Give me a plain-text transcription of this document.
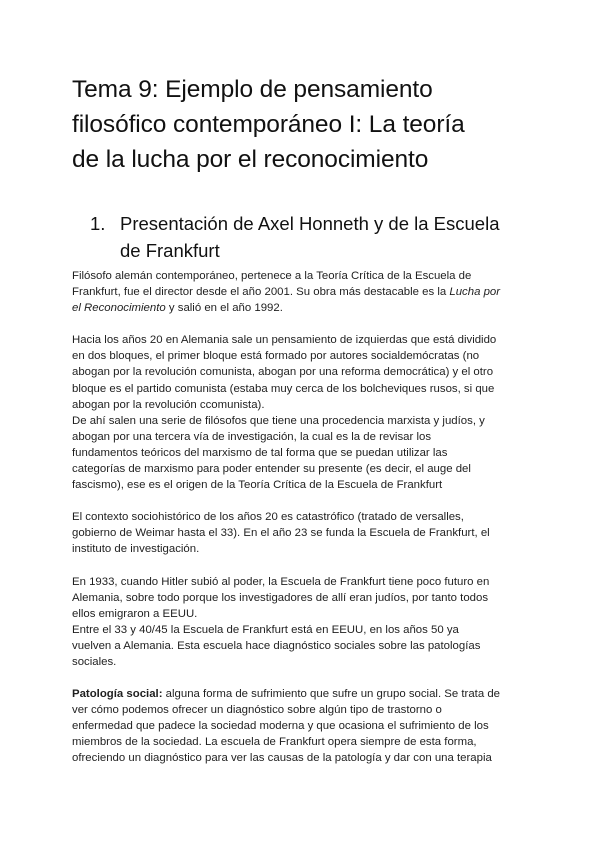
Tema 9: Ejemplo de pensamiento
filosófico contemporáneo I: La teoría
de la lucha por el reconocimiento
1. Presentación de Axel Honneth y de la Escuela
de Frankfurt

Filósofo alemán contemporáneo, pertenece a la Teoría Crítica de la Escuela de
Frankfurt, fue el director desde el año 2001. Su obra más destacable es la Lucha por
el Reconocimiento y salió en el año 1992.

Hacia los años 20 en Alemania sale un pensamiento de izquierdas que está dividido
en dos bloques, el primer bloque está formado por autores socialdemócratas (no
abogan por la revolución comunista, abogan por una reforma democrática) y el otro
bloque es el partido comunista (estaba muy cerca de los bolcheviques rusos, si que
abogan por la revolución ccomunista).
De ahí salen una serie de filósofos que tiene una procedencia marxista y judíos, y
abogan por una tercera vía de investigación, la cual es la de revisar los
fundamentos teóricos del marxismo de tal forma que se puedan utilizar las
categorías de marxismo para poder entender su presente (es decir, el auge del
fascismo), ese es el origen de la Teoría Crítica de la Escuela de Frankfurt

El contexto sociohistórico de los años 20 es catastrófico (tratado de versalles,
gobierno de Weimar hasta el 33). En el año 23 se funda la Escuela de Frankfurt, el
instituto de investigación.

En 1933, cuando Hitler subió al poder, la Escuela de Frankfurt tiene poco futuro en
Alemania, sobre todo porque los investigadores de allí eran judíos, por tanto todos
ellos emigraron a EEUU.
Entre el 33 y 40/45 la Escuela de Frankfurt está en EEUU, en los años 50 ya
vuelven a Alemania. Esta escuela hace diagnóstico sociales sobre las patologías
sociales.

Patología social: alguna forma de sufrimiento que sufre un grupo social. Se trata de
ver cómo podemos ofrecer un diagnóstico sobre algún tipo de trastorno o
enfermedad que padece la sociedad moderna y que ocasiona el sufrimiento de los
miembros de la sociedad. La escuela de Frankfurt opera siempre de esta forma,
ofreciendo un diagnóstico para ver las causas de la patología y dar con una terapia
